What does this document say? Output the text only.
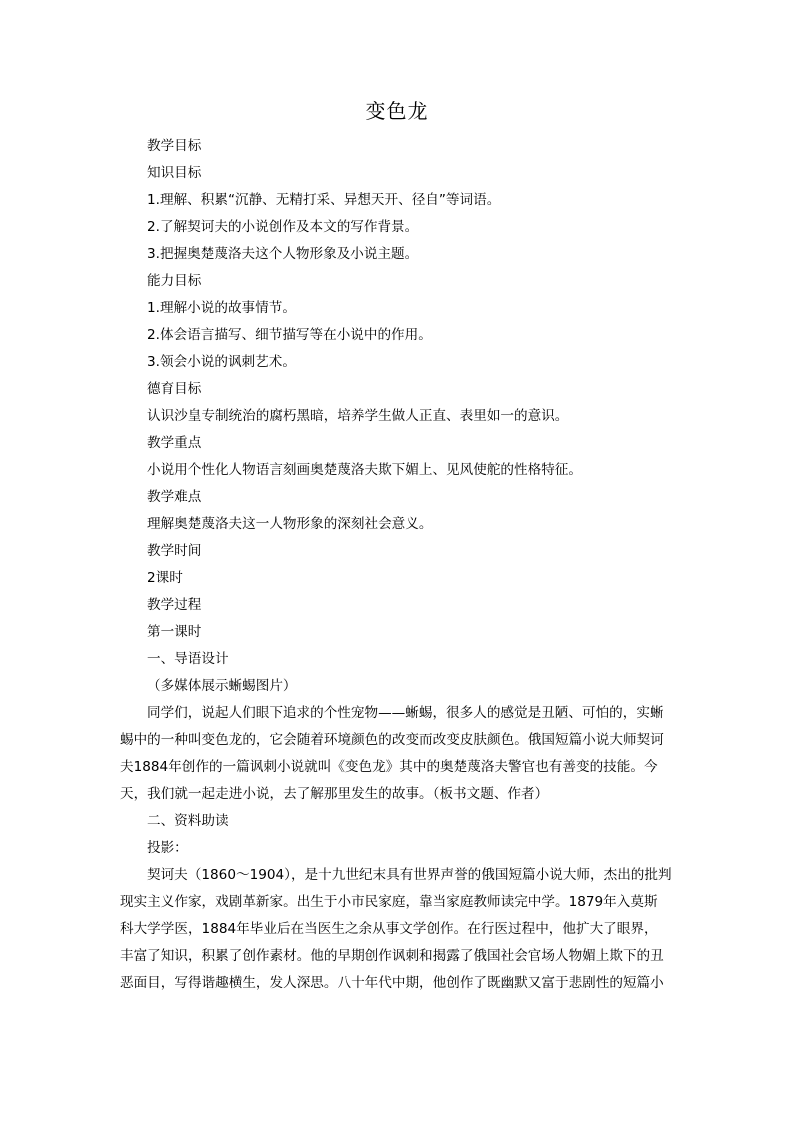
变色龙

教学目标

知识目标

1.理解、积累“沉静、无精打采、异想天开、径自”等词语。

2.了解契诃夫的小说创作及本文的写作背景。

3.把握奥楚蔑洛夫这个人物形象及小说主题。

能力目标

1.理解小说的故事情节。

2.体会语言描写、细节描写等在小说中的作用。

3.领会小说的讽刺艺术。

德育目标

认识沙皇专制统治的腐朽黑暗，培养学生做人正直、表里如一的意识。

教学重点

小说用个性化人物语言刻画奥楚蔑洛夫欺下媚上、见风使舵的性格特征。

教学难点

理解奥楚蔑洛夫这一人物形象的深刻社会意义。

教学时间

2课时

教学过程

第一课时

一、导语设计

（多媒体展示蜥蜴图片）

同学们，说起人们眼下追求的个性宠物——蜥蜴，很多人的感觉是丑陋、可怕的，实蜥

蜴中的一种叫变色龙的，它会随着环境颜色的改变而改变皮肤颜色。俄国短篇小说大师契诃

夫1884年创作的一篇讽刺小说就叫《变色龙》其中的奥楚蔑洛夫警官也有善变的技能。今

天，我们就一起走进小说，去了解那里发生的故事。（板书文题、作者）

二、资料助读

投影：

契诃夫（1860～1904），是十九世纪末具有世界声誉的俄国短篇小说大师，杰出的批判

现实主义作家，戏剧革新家。出生于小市民家庭，靠当家庭教师读完中学。1879年入莫斯

科大学学医，1884年毕业后在当医生之余从事文学创作。在行医过程中，他扩大了眼界，

丰富了知识，积累了创作素材。他的早期创作讽刺和揭露了俄国社会官场人物媚上欺下的丑

恶面目，写得谐趣横生，发人深思。八十年代中期，他创作了既幽默又富于悲剧性的短篇小
